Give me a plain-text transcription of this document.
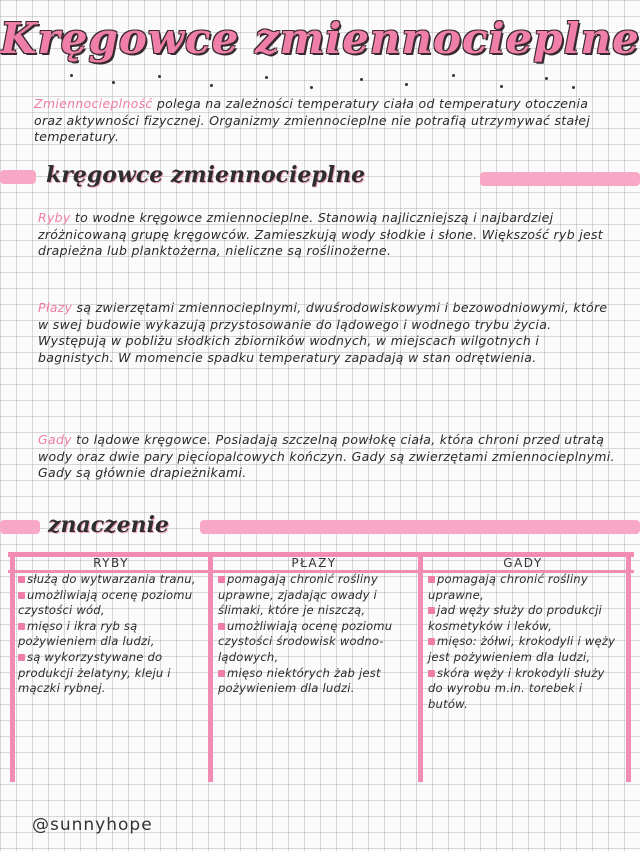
Kręgowce zmiennocieplne
Zmiennocieplność polega na zależności temperatury ciała od temperatury otoczenia oraz aktywności fizycznej. Organizmy zmiennocieplne nie potrafią utrzymywać stałej temperatury.
kręgowce zmiennocieplne
Ryby to wodne kręgowce zmiennocieplne. Stanowią najliczniejszą i najbardziej zróżnicowaną grupę kręgowców. Zamieszkują wody słodkie i słone. Większość ryb jest drapieżna lub planktożerna, nieliczne są roślinożerne.
Płazy są zwierzętami zmiennocieplnymi, dwuśrodowiskowymi i bezowodniowymi, które w swej budowie wykazują przystosowanie do lądowego i wodnego trybu życia. Występują w pobliżu słodkich zbiorników wodnych, w miejscach wilgotnych i bagnistych. W momencie spadku temperatury zapadają w stan odrętwienia.
Gady to lądowe kręgowce. Posiadają szczelną powłokę ciała, która chroni przed utratą wody oraz dwie pary pięciopalcowych kończyn. Gady są zwierzętami zmiennocieplnymi. Gady są głównie drapieżnikami.
znaczenie
RYBY	PŁAZY	GADY
służą do wytwarzania tranu,
umożliwiają ocenę poziomu czystości wód,
mięso i ikra ryb są pożywieniem dla ludzi,
są wykorzystywane do produkcji żelatyny, kleju i mączki rybnej.
pomagają chronić rośliny uprawne, zjadając owady i ślimaki, które je niszczą,
umożliwiają ocenę poziomu czystości środowisk wodno-lądowych,
mięso niektórych żab jest pożywieniem dla ludzi.
pomagają chronić rośliny uprawne,
jad węży służy do produkcji kosmetyków i leków,
mięso: żółwi, krokodyli i węży jest pożywieniem dla ludzi,
skóra węży i krokodyli służy do wyrobu m.in. torebek i butów.
@sunnyhope
